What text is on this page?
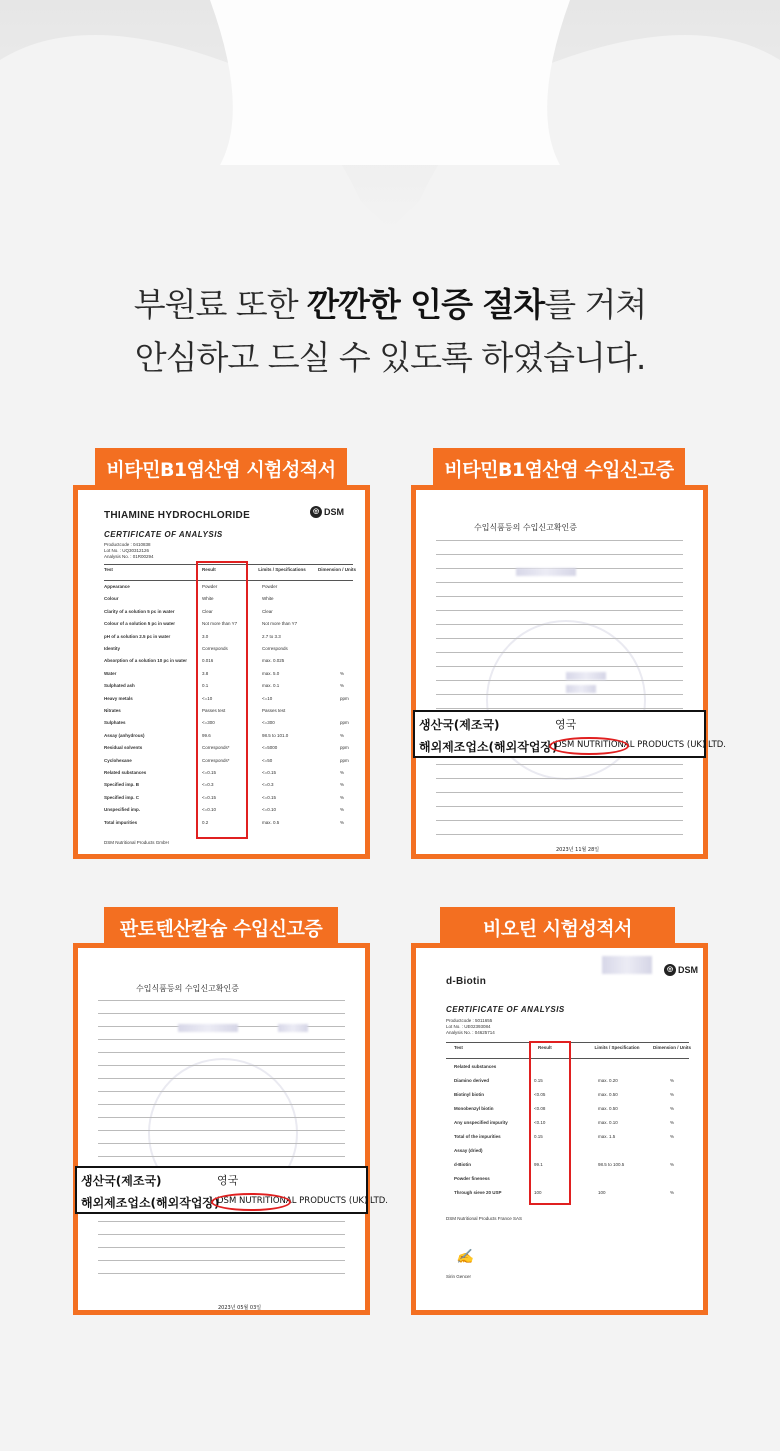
부원료 또한 깐깐한 인증 절차를 거쳐
안심하고 드실 수 있도록 하였습니다.
비타민B1염산염 시험성적서
THIAMINE HYDROCHLORIDE	◎ DSM
CERTIFICATE OF ANALYSIS
Productcode : 0410838
Lot No. : UQ30312126
Analysis No. : 01R00294
Test	Result	Limits / Specifications	Dimension / Units
Appearance	Powder	Powder
Colour	White	White
Clarity of a solution 5 pc in water	Clear	Clear
Colour of a solution 5 pc in water	Not more than Y7	Not more than Y7
pH of a solution 2.5 pc in water	3.0	2.7 to 3.3
Identity	Corresponds	Corresponds
Absorption of a solution 10 pc in water	0.016	max. 0.025
Water	3.8	max. 5.0	%
Sulphated ash	0.1	max. 0.1	%
Heavy metals	<=10	<=10	ppm
Nitrates	Passes test	Passes test
Sulphates	<=300	<=300	ppm
Assay (anhydrous)	99.6	98.5 to 101.0	%
Residual solvents	Corresponds*	<=5000	ppm
Cyclohexane	Corresponds*	<=50	ppm
Related substances	<=0.15	<=0.15	%
Specified imp. B	<=0.3	<=0.3	%
Specified imp. C	<=0.15	<=0.15	%
Unspecified imp.	<=0.10	<=0.10	%
Total impurities	0.2	max. 0.5	%
DSM Nutritional Products GmbH
비타민B1염산염 수입신고증
수입식품등의 수입신고확인증
2023년 11월 28일
생산국(제조국)	영국
해외제조업소(해외작업장)
DSM NUTRITIONAL PRODUCTS (UK) LTD.
판토텐산칼슘 수입신고증
수입식품등의 수입신고확인증
2023년 05월 03일
생산국(제조국)	영국
해외제조업소(해외작업장)
DSM NUTRITIONAL PRODUCTS (UK) LTD.
비오틴 시험성적서
◎ DSM
d-Biotin
CERTIFICATE OF ANALYSIS
Productcode : 5011655
Lot No. : UE02393084
Analysis No. : 04625714
Test	Result	Limits / Specification	Dimension / Units
Related substances
Diamino derived	0.15	max. 0.20	%
Biotinyl biotin	<0.05	max. 0.50	%
Monobenzyl biotin	<0.08	max. 0.50	%
Any unspecified impurity	<0.10	max. 0.10	%
Total of the impurities	0.15	max. 1.5	%
Assay (dried)
d-Biotin	99.1	98.5 to 100.5	%
Powder fineness
Through sieve 20 USP	100	100	%
DSM Nutritional Products France SAS
✍
Sirin Gencer
